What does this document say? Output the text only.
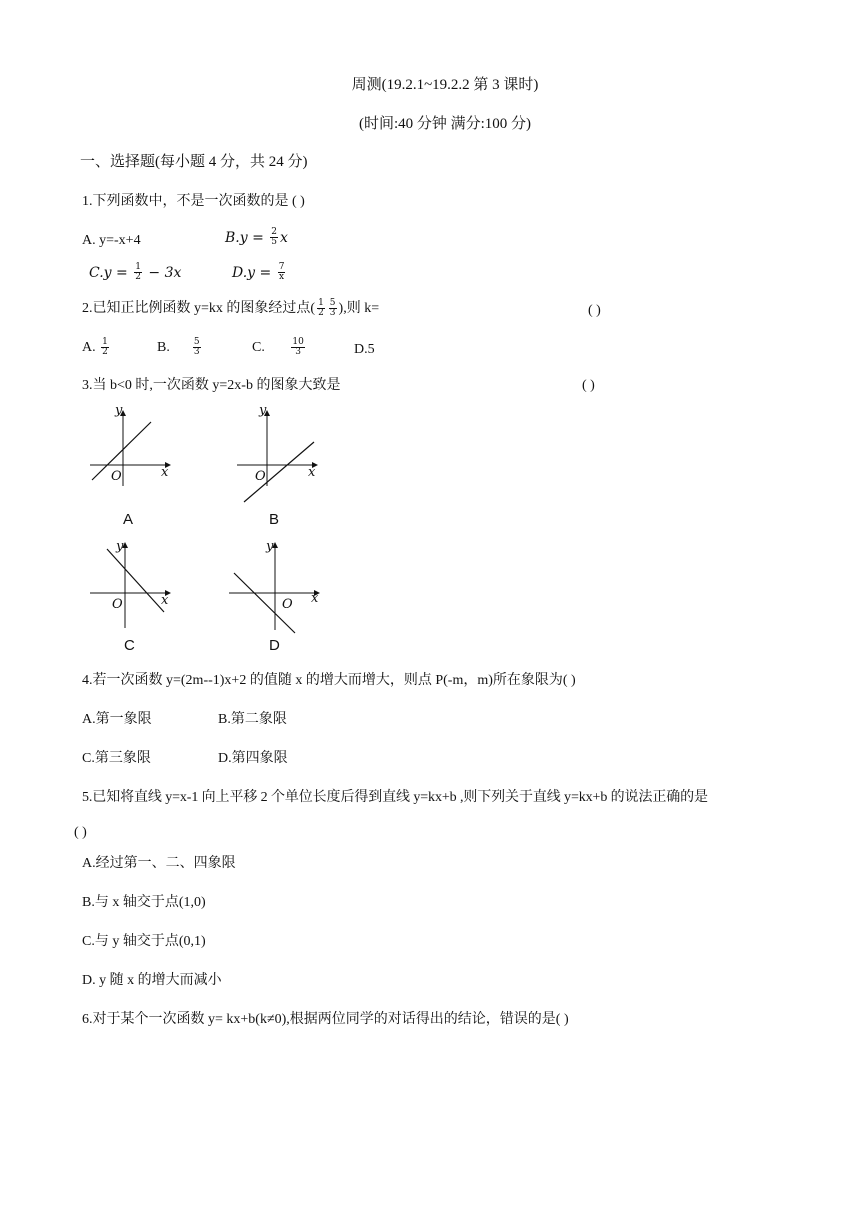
周测(19.2.1~19.2.2 第 3 课时)
(时间:40 分钟 满分:100 分)
一、选择题(每小题 4 分，共 24 分)
1.下列函数中，不是一次函数的是 ( )
A. y=-x+4	$B.y = \frac{2}{5}$ x
$C.y = \frac{1}{2} - 3x$	$D.y = \frac{7}{x}$
2.已知正比例函数 y=kx 的图象经过点( $\frac{1}{2} \frac{5}{3}$ ),则 k=	( )
A. $\frac{1}{2}$	B.	$\frac{5}{3}$	C.	$\frac{10}{3}$	D.5
3.当 b<0 时,一次函数 y=2x-b 的图象大致是	( )
y
x
O
A
y
x
O
B
y
x
O
C
y
x
O
D
4.若一次函数 y=(2m--1)x+2 的值随 x 的增大而增大，则点 P(-m，m)所在象限为( )
A.第一象限	B.第二象限
C.第三象限	D.第四象限
5.已知将直线 y=x-1 向上平移 2 个单位长度后得到直线 y=kx+b ,则下列关于直线 y=kx+b 的说法正确的是
( )
A.经过第一、二、四象限
B.与 x 轴交于点(1,0)
C.与 y 轴交于点(0,1)
D. y 随 x 的增大而减小
6.对于某个一次函数 y= kx+b(k≠0),根据两位同学的对话得出的结论，错误的是( )
